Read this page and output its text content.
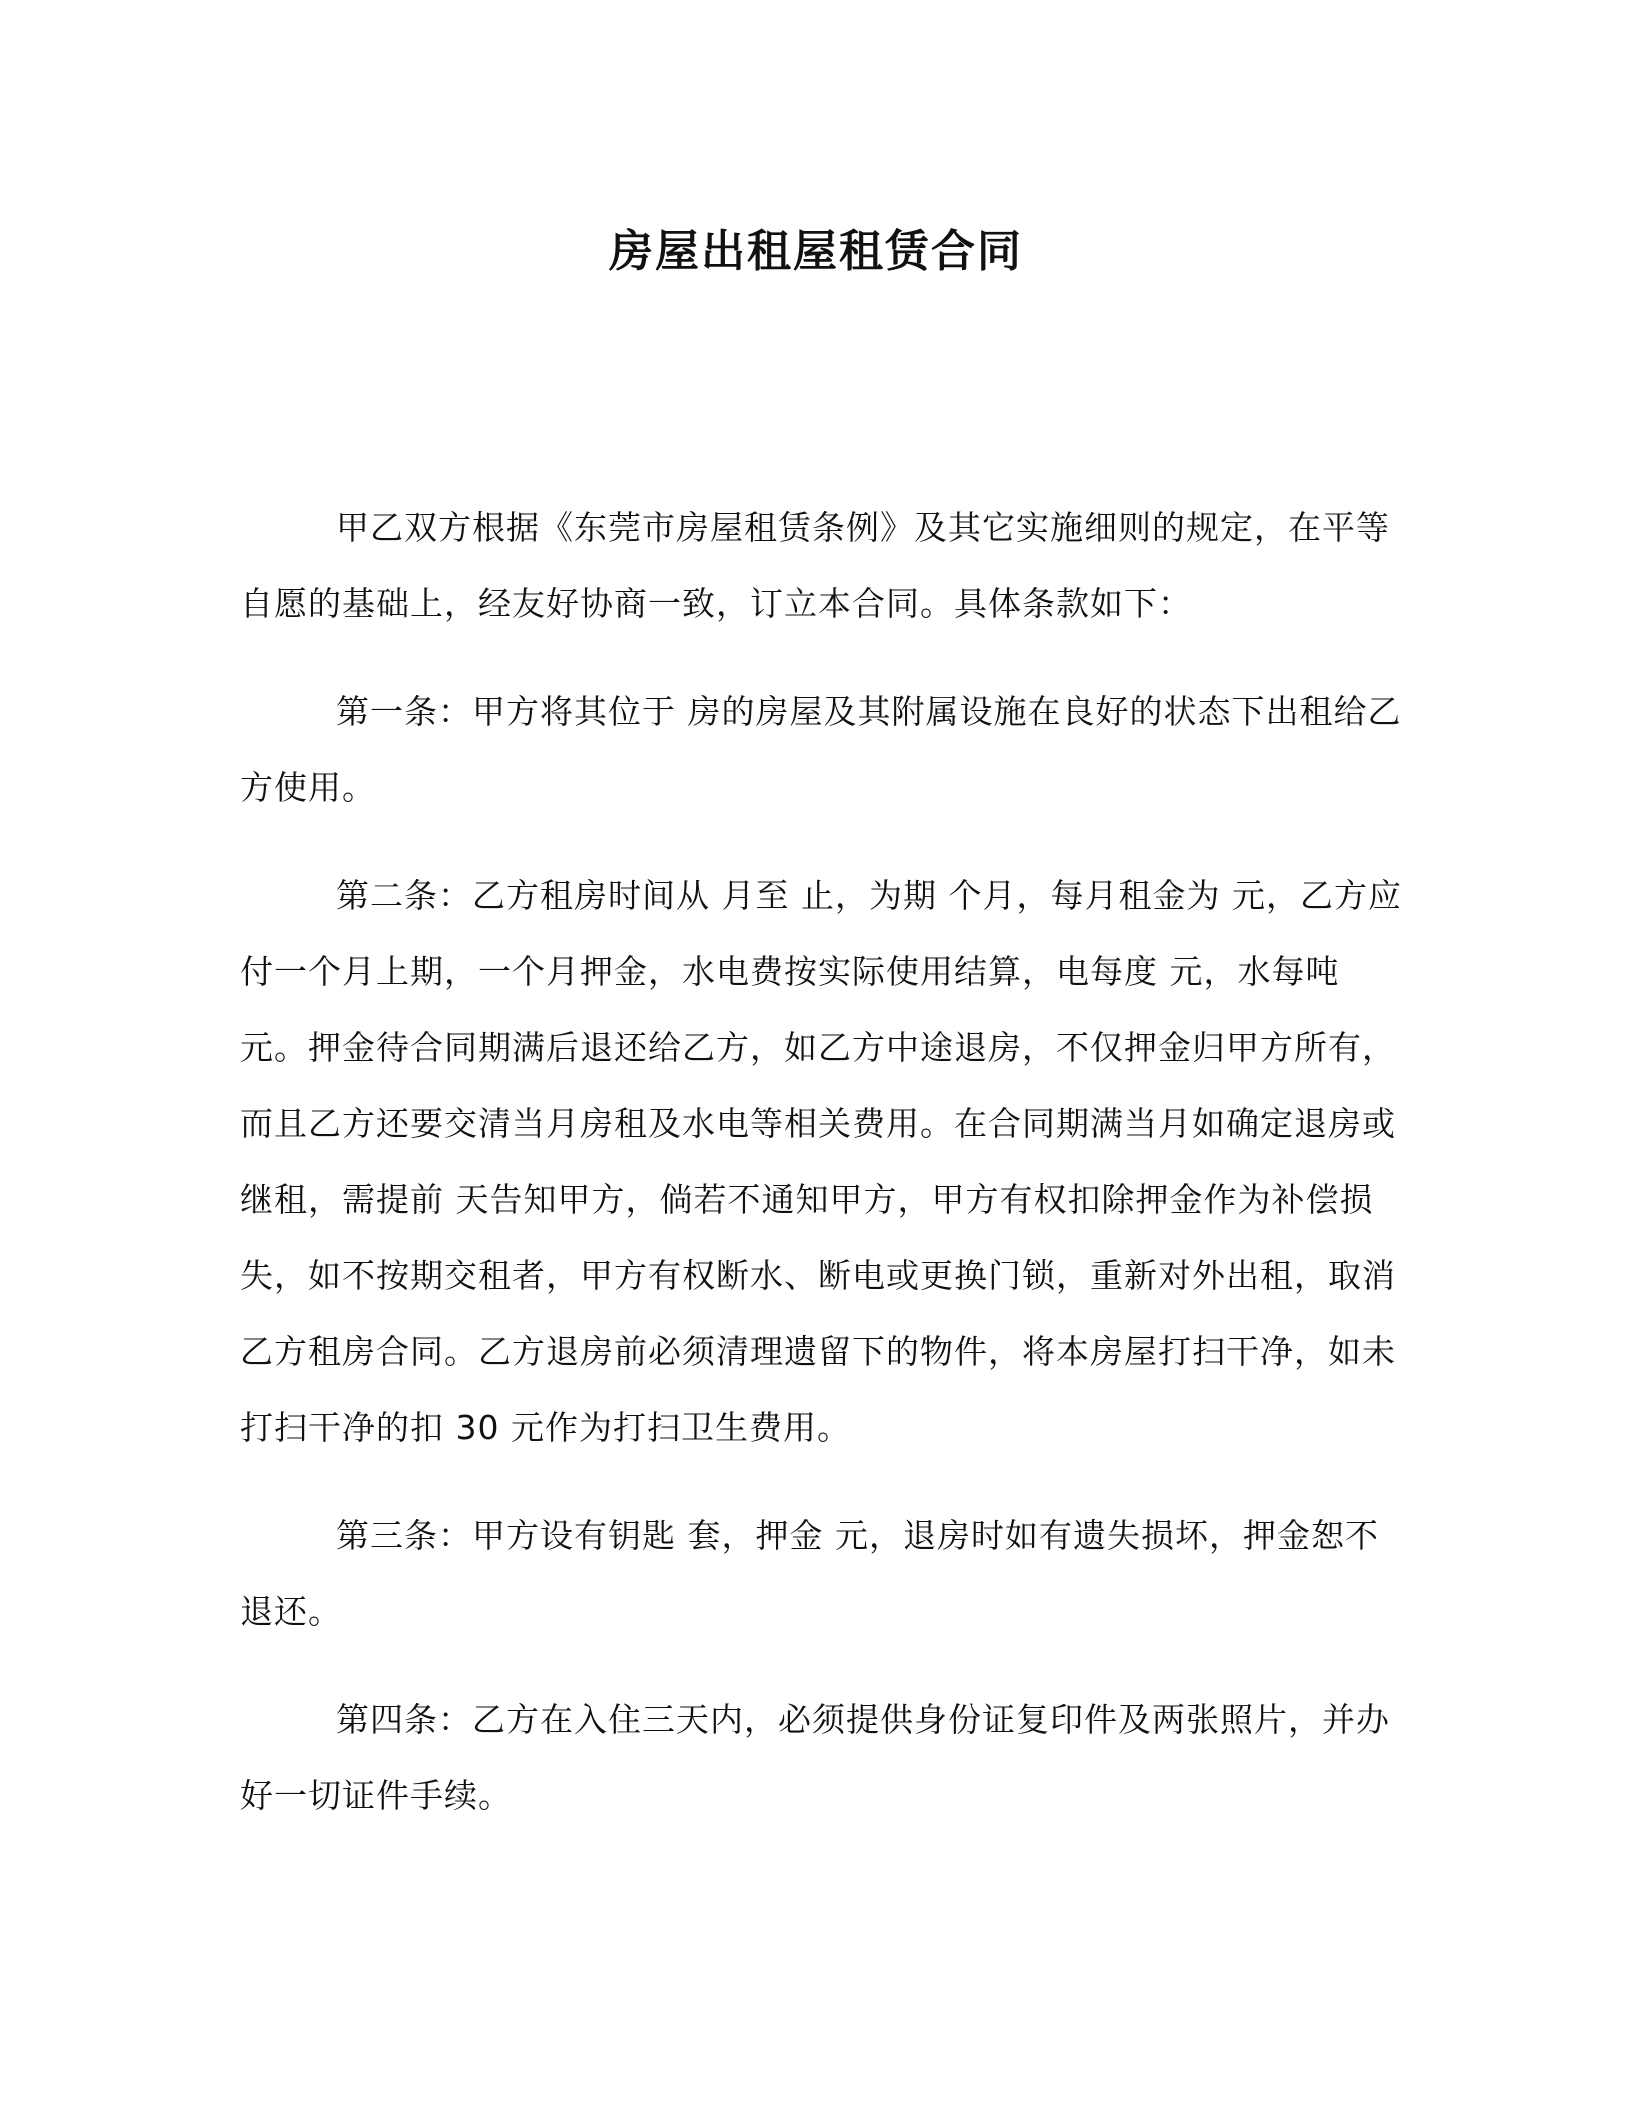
房屋出租屋租赁合同

甲乙双方根据《东莞市房屋租赁条例》及其它实施细则的规定，在平等自愿的基础上，经友好协商一致，订立本合同。具体条款如下：

第一条：甲方将其位于 房的房屋及其附属设施在良好的状态下出租给乙方使用。

第二条：乙方租房时间从 月至 止，为期 个月，每月租金为 元，乙方应付一个月上期，一个月押金，水电费按实际使用结算，电每度 元，水每吨 元。押金待合同期满后退还给乙方，如乙方中途退房，不仅押金归甲方所有，而且乙方还要交清当月房租及水电等相关费用。在合同期满当月如确定退房或继租，需提前 天告知甲方，倘若不通知甲方，甲方有权扣除押金作为补偿损失，如不按期交租者，甲方有权断水、断电或更换门锁，重新对外出租，取消乙方租房合同。乙方退房前必须清理遗留下的物件，将本房屋打扫干净，如未打扫干净的扣 30 元作为打扫卫生费用。

第三条：甲方设有钥匙 套，押金 元，退房时如有遗失损坏，押金恕不退还。

第四条：乙方在入住三天内，必须提供身份证复印件及两张照片，并办好一切证件手续。
